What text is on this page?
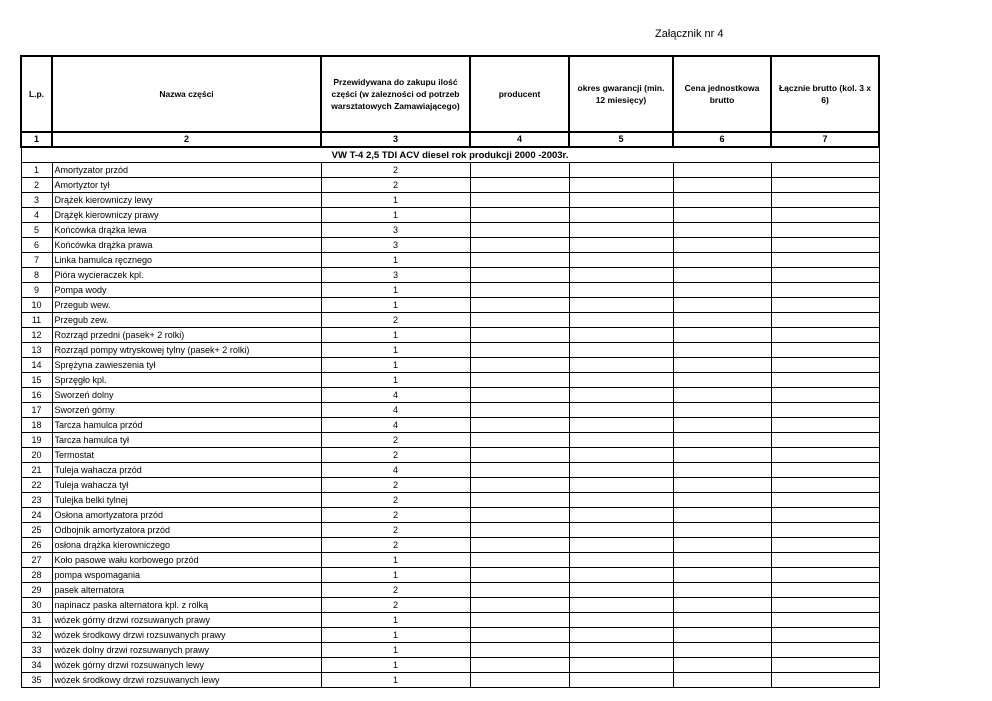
Załącznik nr 4
L.p.	Nazwa części	Przewidywana do zakupu ilość części (w zalezności od potrzeb warsztatowych Zamawiającego)	producent	okres gwarancji (min. 12 miesięcy)	Cena jednostkowa brutto	Łącznie brutto (kol. 3 x 6)
1	2	3	4	5	6	7
VW T-4 2,5 TDI ACV diesel rok produkcji 2000 -2003r.						
1	Amortyzator przód	2				
2	Amortyztor tył	2				
3	Drążek kierowniczy lewy	1				
4	Drążęk kierowniczy prawy	1				
5	Końcówka drążka lewa	3				
6	Końcówka drążka prawa	3				
7	Linka hamulca ręcznego	1				
8	Pióra wycieraczek kpl.	3				
9	Pompa wody	1				
10	Przegub wew.	1				
11	Przegub zew.	2				
12	Rozrząd przedni (pasek+ 2 rolki)	1				
13	Rozrząd pompy wtryskowej tylny (pasek+ 2 rolki)	1				
14	Sprężyna zawieszenia tył	1				
15	Sprzęgło kpl.	1				
16	Sworzeń dolny	4				
17	Sworzeń górny	4				
18	Tarcza hamulca przód	4				
19	Tarcza hamulca tył	2				
20	Termostat	2				
21	Tuleja wahacza przód	4				
22	Tuleja wahacza tył	2				
23	Tulejka belki tylnej	2				
24	Osłona amortyzatora przód	2				
25	Odbojnik amortyzatora przód	2				
26	osłona drążka kierowniczego	2				
27	Koło pasowe wału korbowego przód	1				
28	pompa wspomagania	1				
29	pasek alternatora	2				
30	napinacz paska alternatora kpl. z rolką	2				
31	wózek górny drzwi rozsuwanych prawy	1				
32	wózek środkowy drzwi rozsuwanych prawy	1				
33	wózek dolny drzwi rozsuwanych prawy	1				
34	wózek górny drzwi rozsuwanych lewy	1				
35	wózek środkowy drzwi rozsuwanych lewy	1				
